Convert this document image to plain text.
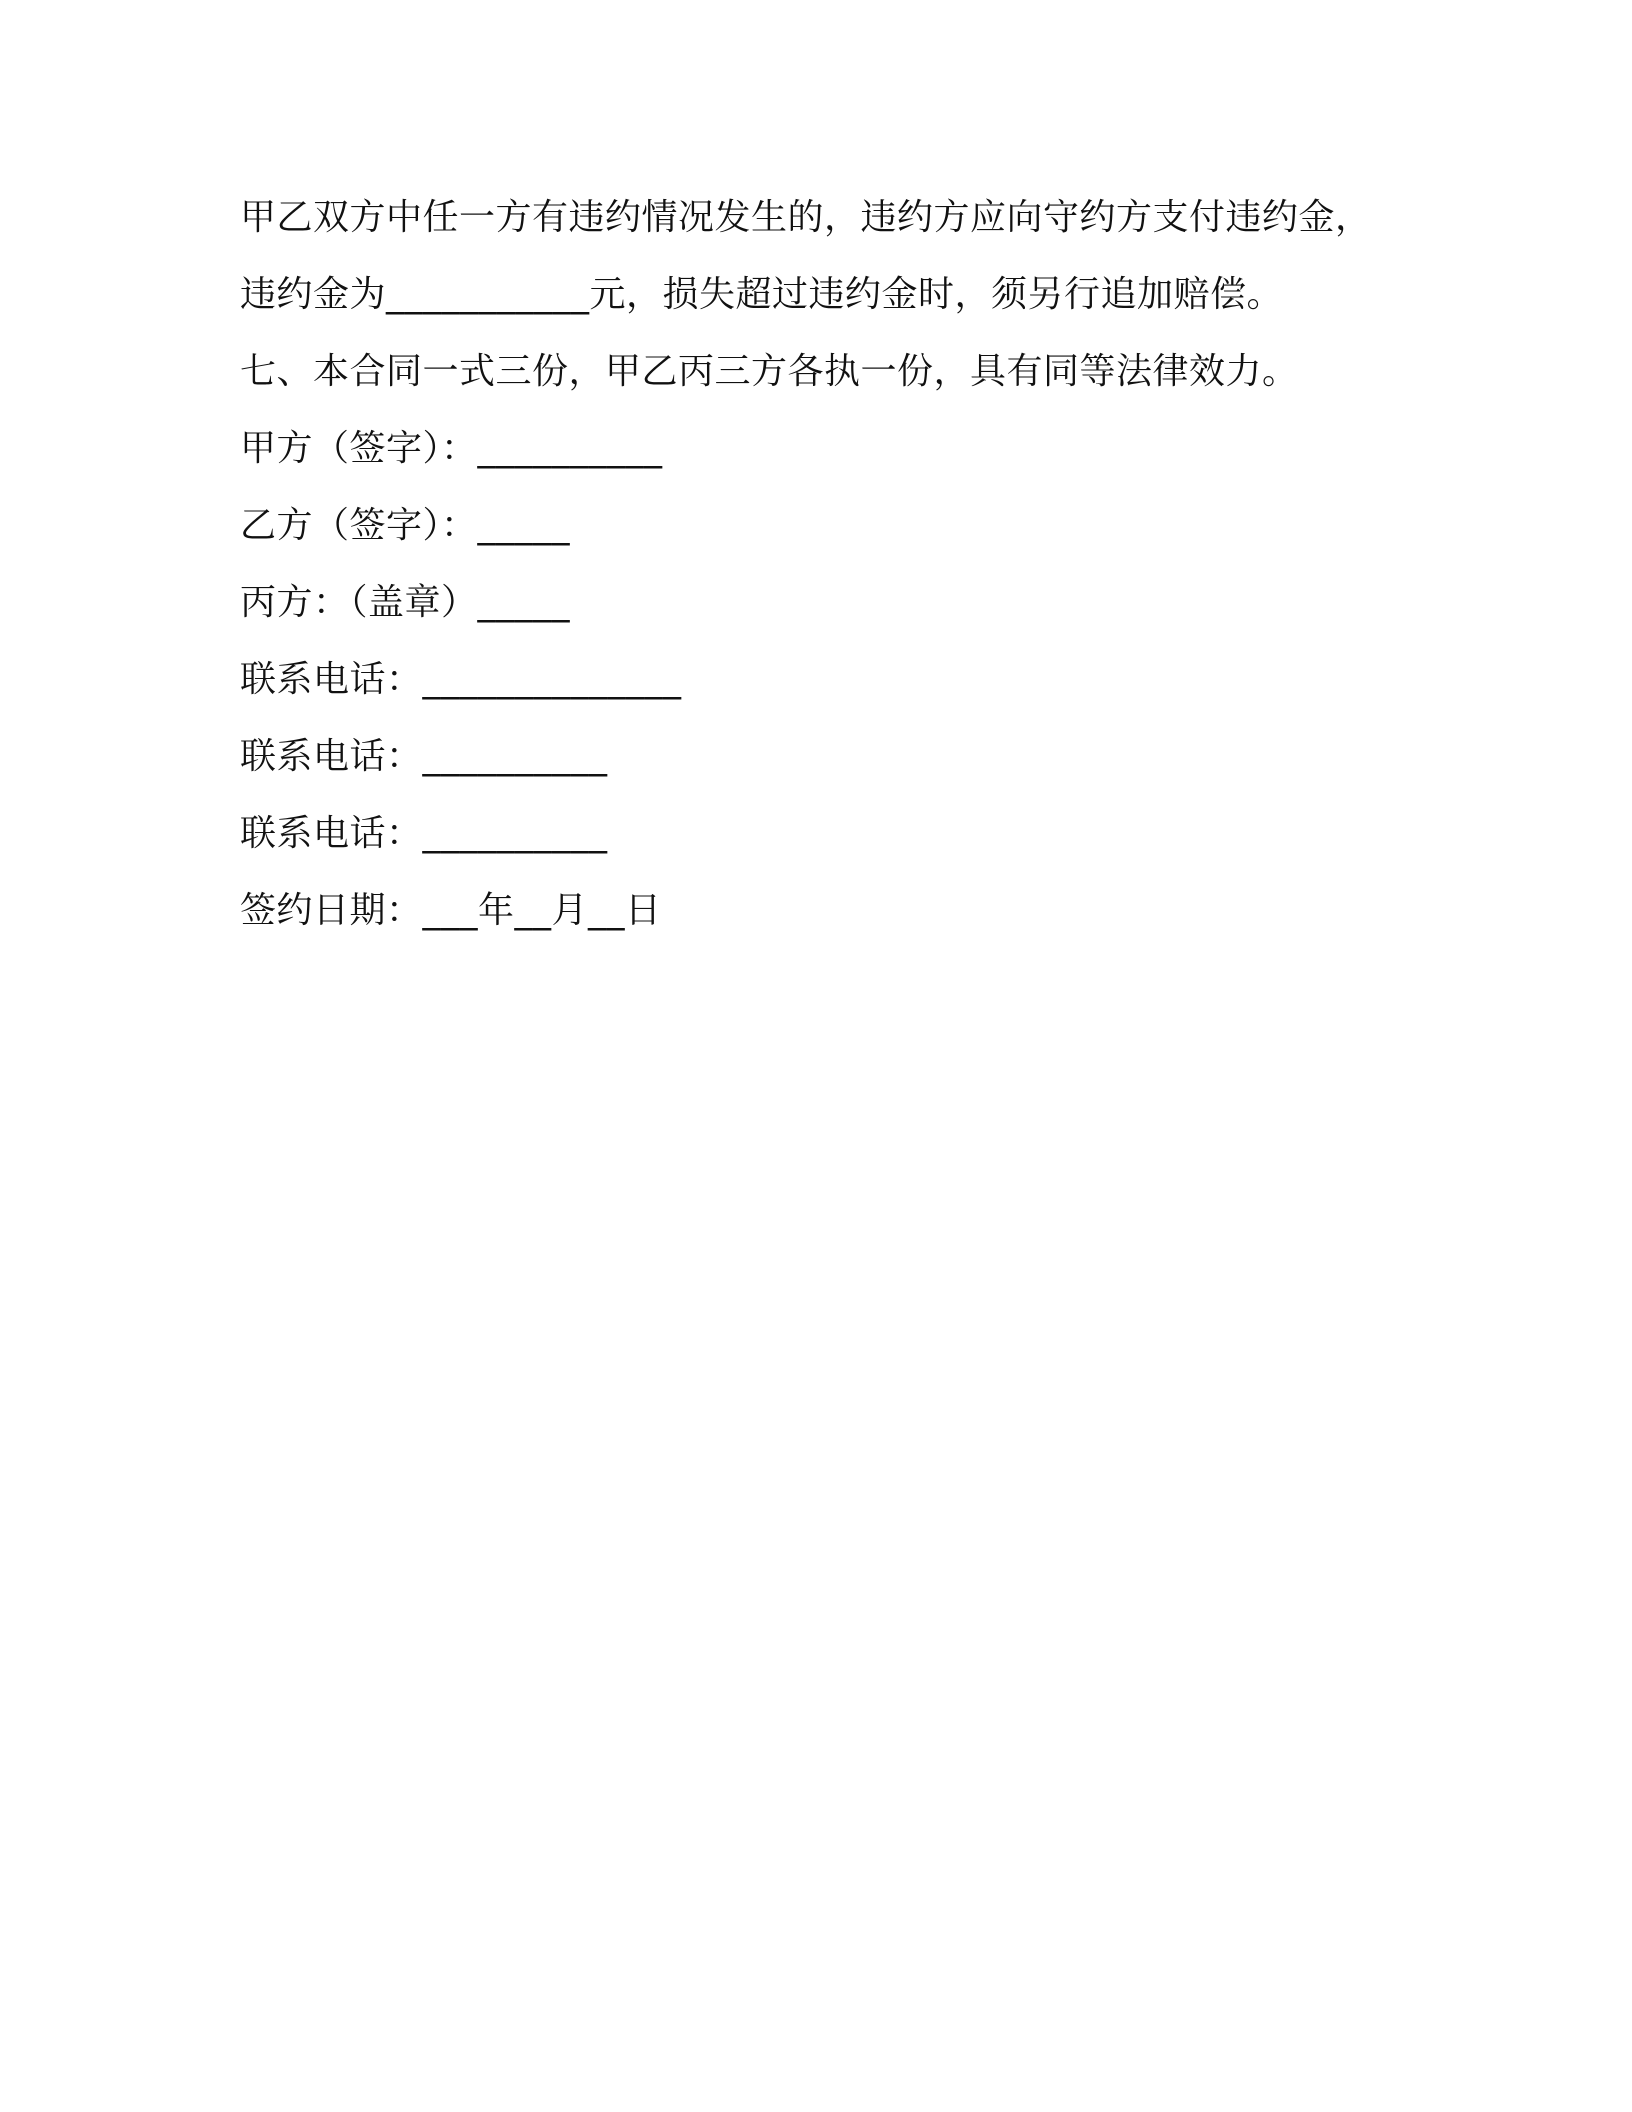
甲乙双方中任一方有违约情况发生的，违约方应向守约方支付违约金，
违约金为___________元，损失超过违约金时，须另行追加赔偿。
七、本合同一式三份，甲乙丙三方各执一份，具有同等法律效力。
甲方（签字）：__________
乙方（签字）：_____
丙方：（盖章）_____
联系电话：______________
联系电话：__________
联系电话：__________
签约日期：___年__月__日
